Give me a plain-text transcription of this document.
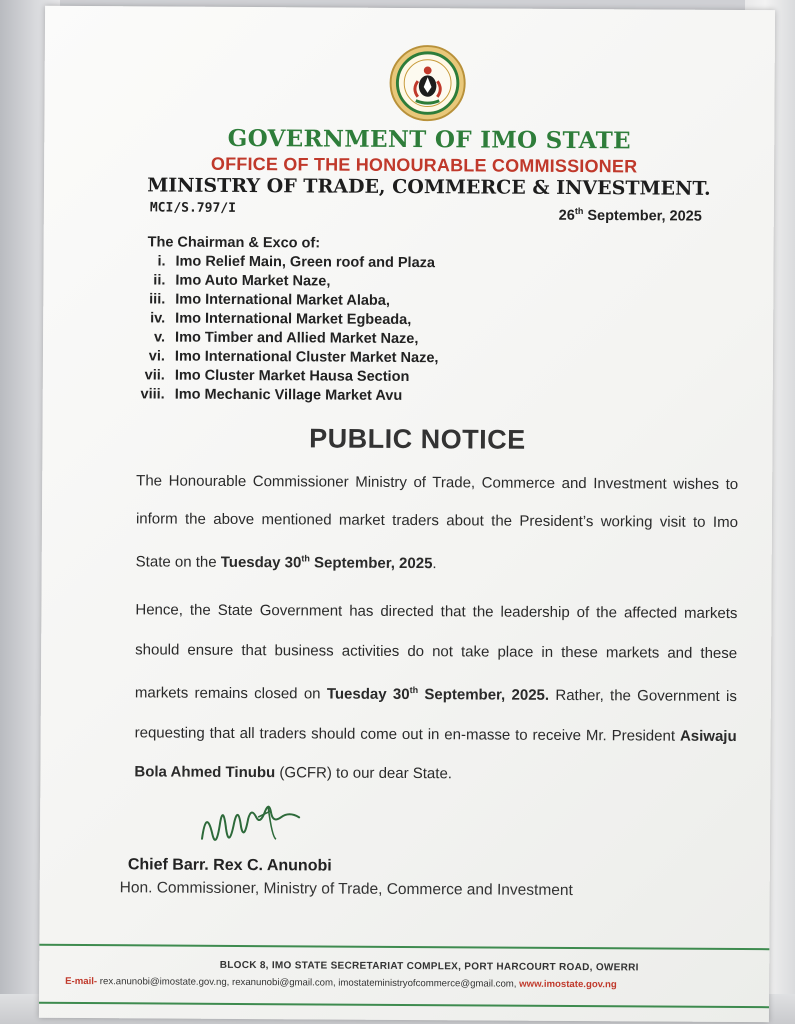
GOVERNMENT OF IMO STATE
OFFICE OF THE HONOURABLE COMMISSIONER
MINISTRY OF TRADE, COMMERCE & INVESTMENT.
MCI/S.797/I	26th September, 2025
The Chairman & Exco of:
i. Imo Relief Main, Green roof and Plaza
ii. Imo Auto Market Naze,
iii. Imo International Market Alaba,
iv. Imo International Market Egbeada,
v. Imo Timber and Allied Market Naze,
vi. Imo International Cluster Market Naze,
vii. Imo Cluster Market Hausa Section
viii. Imo Mechanic Village Market Avu
PUBLIC NOTICE
The Honourable Commissioner Ministry of Trade, Commerce and Investment wishes to inform the above mentioned market traders about the President’s working visit to Imo State on the Tuesday 30th September, 2025.
Hence, the State Government has directed that the leadership of the affected markets should ensure that business activities do not take place in these markets and these markets remains closed on Tuesday 30th September, 2025. Rather, the Government is requesting that all traders should come out in en-masse to receive Mr. President Asiwaju Bola Ahmed Tinubu (GCFR) to our dear State.
Chief Barr. Rex C. Anunobi
Hon. Commissioner, Ministry of Trade, Commerce and Investment
BLOCK 8, IMO STATE SECRETARIAT COMPLEX, PORT HARCOURT ROAD, OWERRI
E-mail- rex.anunobi@imostate.gov.ng, rexanunobi@gmail.com, imostateministryofcommerce@gmail.com, www.imostate.gov.ng
